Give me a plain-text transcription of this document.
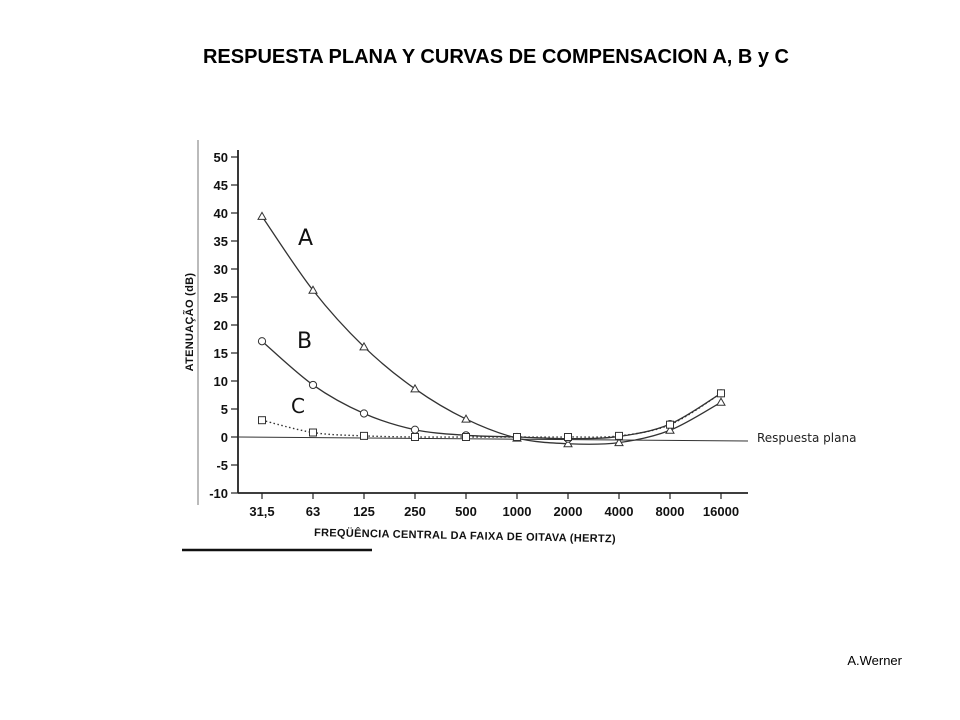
RESPUESTA PLANA Y CURVAS DE COMPENSACION A, B y C
Respuesta plana
50
45
40
35
30
25
20
15
10
5
0
-5
-10
31,5 63	125 250 500 1000 2000 4000 8000 16000
FREQÜÊNCIA CENTRAL DA FAIXA DE OITAVA (HERTZ)
ATENUAÇÃO (dB)
A
B
C
A.Werner
